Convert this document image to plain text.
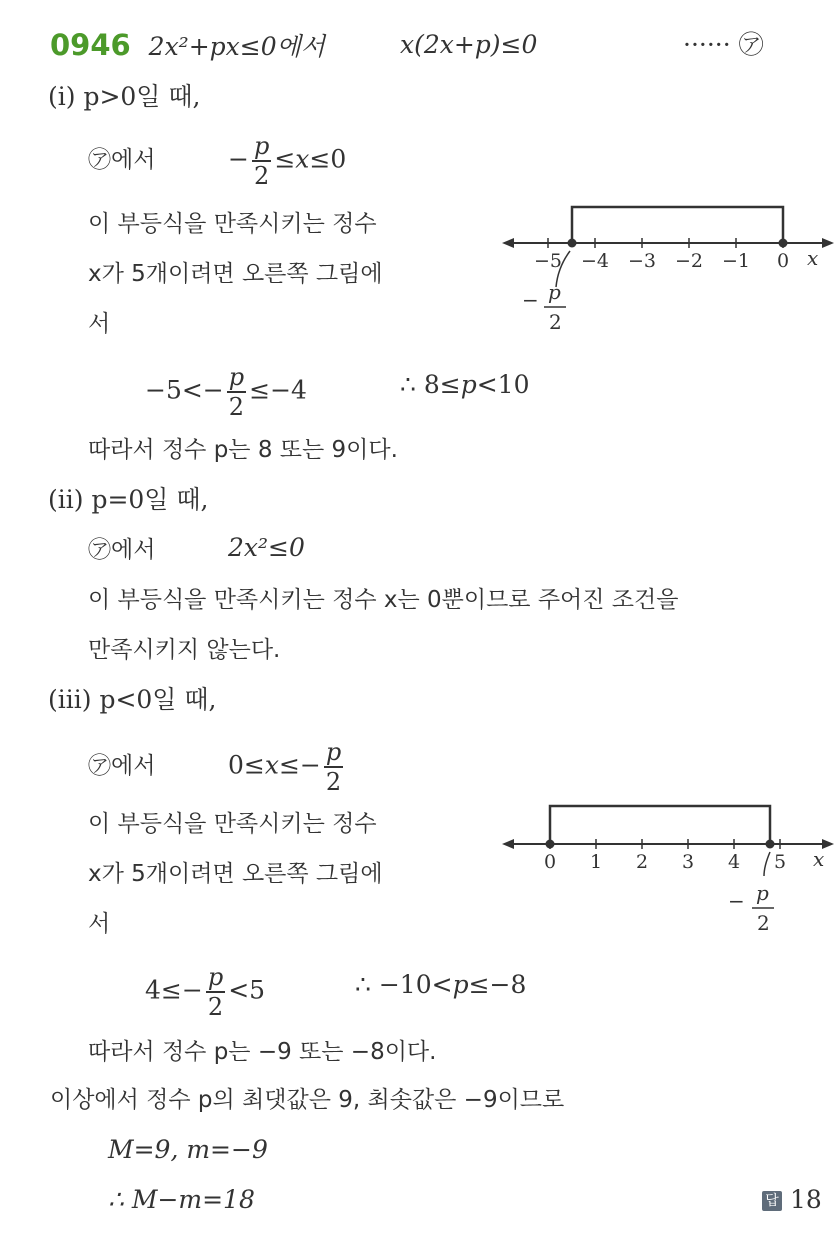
0946 2x²+px≤0에서	x(2x+p)≤0	······ ㋐
(i) p>0일 때,
㋐에서	− $\frac{p}{2} \le x\le 0$
이 부등식을 만족시키는 정수
x가 5개이려면 오른쪽 그림에
서
−5 −4 −3 −2 −1 0 x
− p
2
$-5<- \frac{p}{2} \le-4$	∴ 8≤p<10
따라서 정수 p는 8 또는 9이다.
(ii) p=0일 때,
㋐에서	2x²≤0
이 부등식을 만족시키는 정수 x는 0뿐이므로 주어진 조건을
만족시키지 않는다.
(iii) p<0일 때,
㋐에서	$0\le x\le- \frac{p}{2}$
이 부등식을 만족시키는 정수
x가 5개이려면 오른쪽 그림에
서
0 1 2 3 4 5 x
− p
2
$4\le- \frac{p}{2} <5$	∴ −10<p≤−8
따라서 정수 p는 −9 또는 −8이다.
이상에서 정수 p의 최댓값은 9, 최솟값은 −9이므로
M=9, m=−9
∴ M−m=18	답 18
